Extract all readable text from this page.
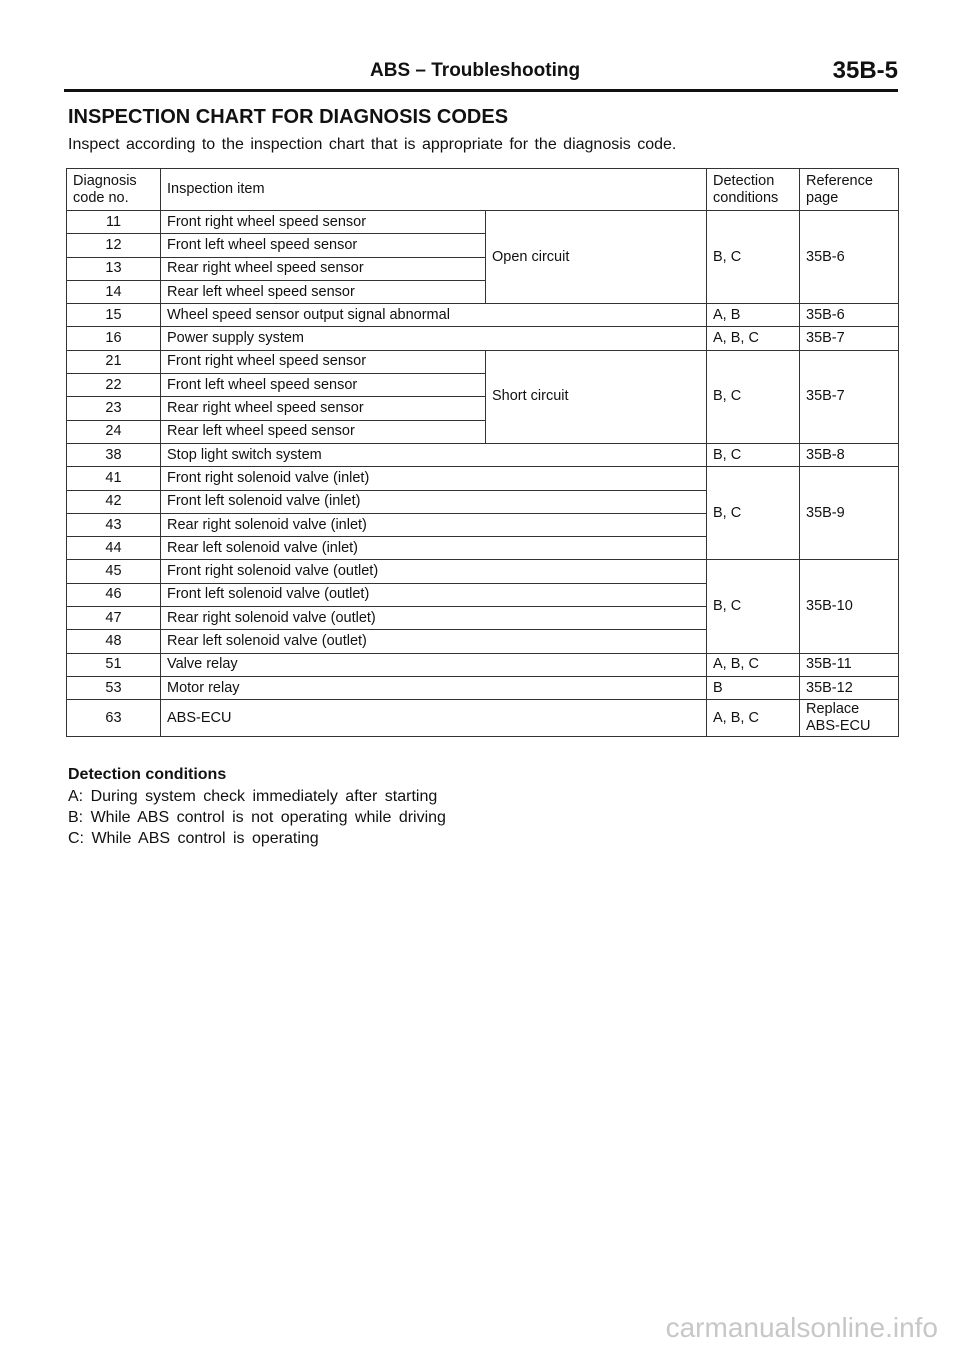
ABS – Troubleshooting	35B-5
INSPECTION CHART FOR DIAGNOSIS CODES
Inspect according to the inspection chart that is appropriate for the diagnosis code.
Diagnosis code no.	Inspection item		Detection conditions	Reference page
11	Front right wheel speed sensor	Open circuit	B, C	35B-6
12	Front left wheel speed sensor			
13	Rear right wheel speed sensor			
14	Rear left wheel speed sensor			
15	Wheel speed sensor output signal abnormal		A, B	35B-6
16	Power supply system		A, B, C	35B-7
21	Front right wheel speed sensor	Short circuit	B, C	35B-7
22	Front left wheel speed sensor			
23	Rear right wheel speed sensor			
24	Rear left wheel speed sensor			
38	Stop light switch system		B, C	35B-8
41	Front right solenoid valve (inlet)		B, C	35B-9
42	Front left solenoid valve (inlet)			
43	Rear right solenoid valve (inlet)			
44	Rear left solenoid valve (inlet)			
45	Front right solenoid valve (outlet)		B, C	35B-10
46	Front left solenoid valve (outlet)			
47	Rear right solenoid valve (outlet)			
48	Rear left solenoid valve (outlet)			
51	Valve relay		A, B, C	35B-11
53	Motor relay		B	35B-12
63	ABS-ECU		A, B, C	Replace ABS-ECU
Detection conditions
A: During system check immediately after starting
B: While ABS control is not operating while driving
C: While ABS control is operating
carmanualsonline.info
